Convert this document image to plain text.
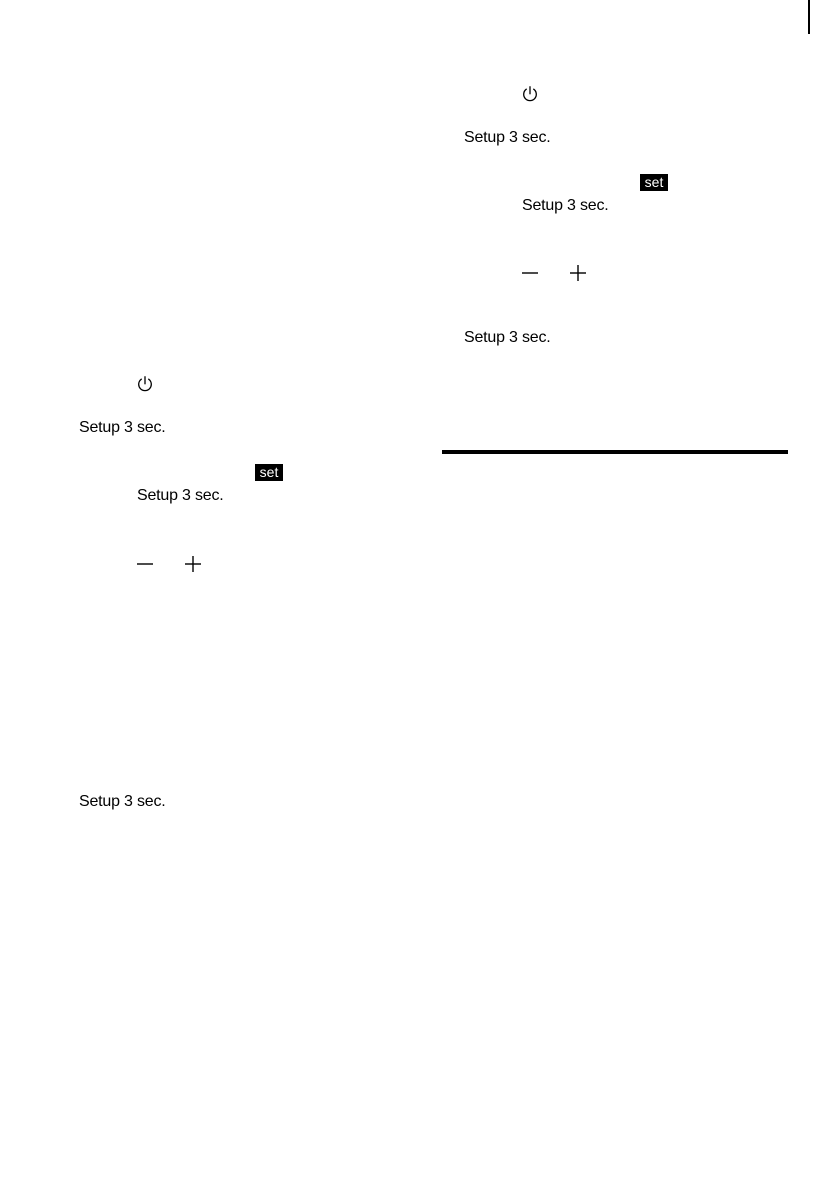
Setup 3 sec.
set
Setup 3 sec.
Setup 3 sec.
Setup 3 sec.
set
Setup 3 sec.
Setup 3 sec.
